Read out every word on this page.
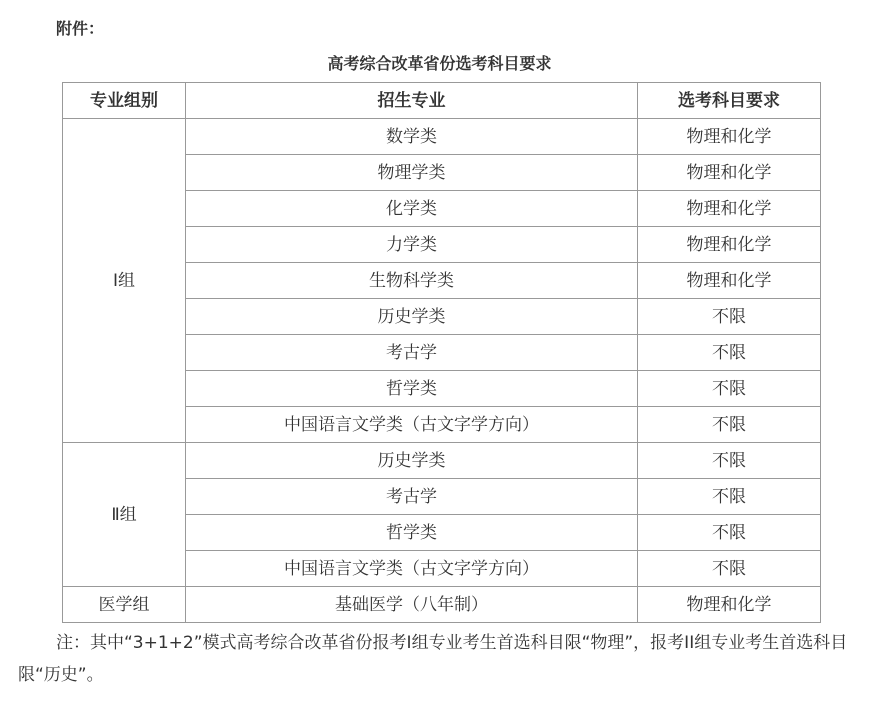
附件：
高考综合改革省份选考科目要求
专业组别	招生专业	选考科目要求
Ⅰ组	数学类	物理和化学
	物理学类	物理和化学
	化学类	物理和化学
	力学类	物理和化学
	生物科学类	物理和化学
	历史学类	不限
	考古学	不限
	哲学类	不限
	中国语言文学类（古文字学方向）	不限
Ⅱ组	历史学类	不限
	考古学	不限
	哲学类	不限
	中国语言文学类（古文字学方向）	不限
医学组	基础医学（八年制）	物理和化学
注：其中“3+1+2”模式高考综合改革省份报考I组专业考生首选科目限“物理”，报考II组专业考生首选科目限“历史”。
